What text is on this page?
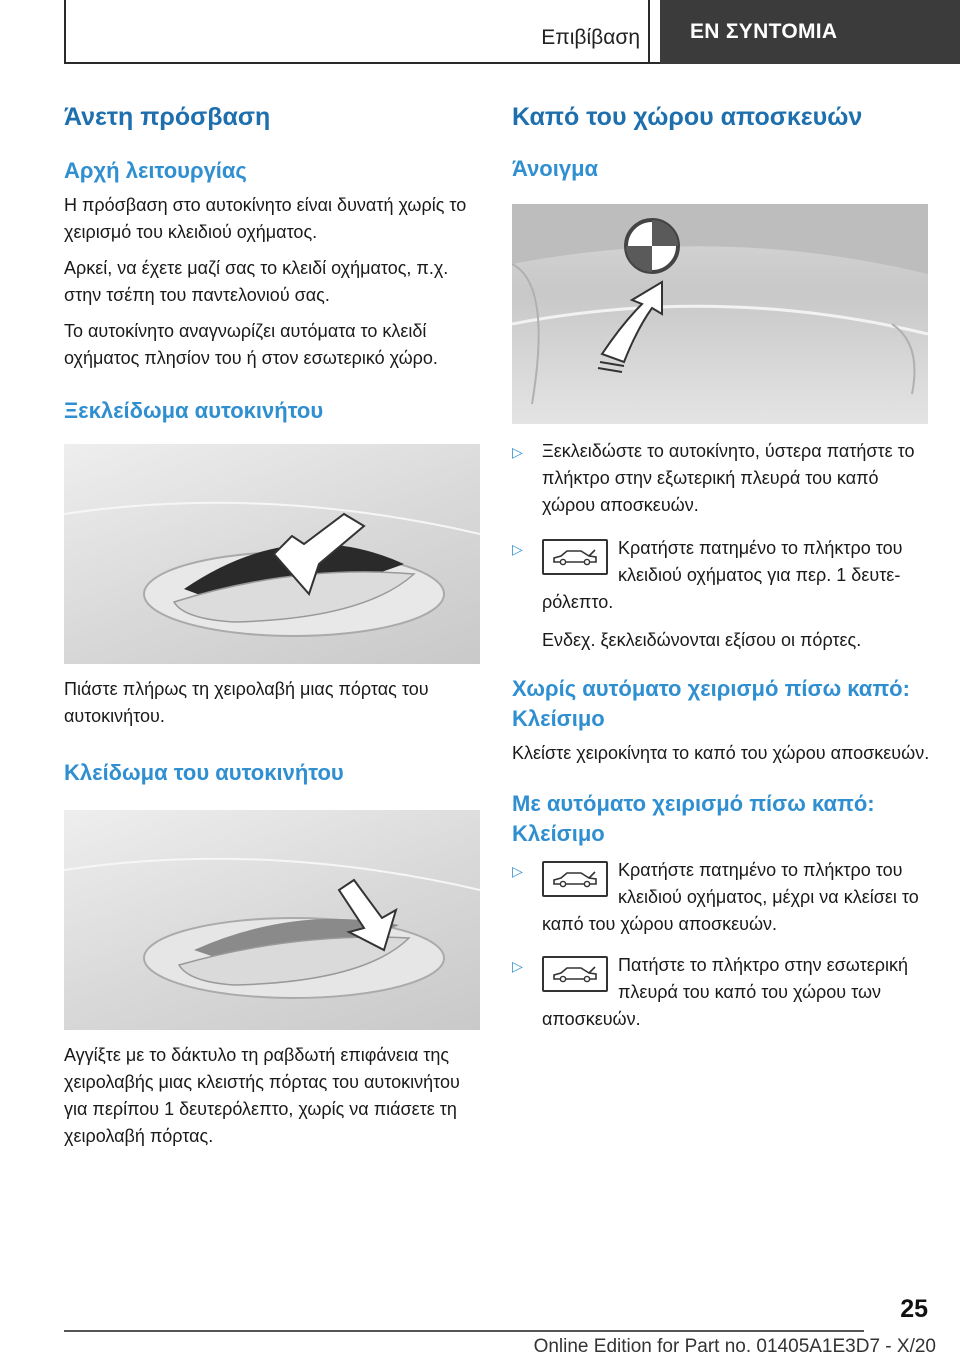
Επιβίβαση	ΕΝ ΣΥΝΤΟΜΙΑ
Άνετη πρόσβαση
Αρχή λειτουργίας

Η πρόσβαση στο αυτοκίνητο είναι δυνατή χωρίς το χειρισμό του κλειδιού οχήματος.

Αρκεί, να έχετε μαζί σας το κλειδί οχήματος, π.χ. στην τσέπη του παντελονιού σας.

Το αυτοκίνητο αναγνωρίζει αυτόματα το κλειδί οχήματος πλησίον του ή στον εσωτερικό χώρο.

Ξεκλείδωμα αυτοκινήτου

Πιάστε πλήρως τη χειρολαβή μιας πόρτας του αυτοκινήτου.

Κλείδωμα του αυτοκινήτου

Αγγίξτε με το δάκτυλο τη ραβδωτή επιφάνεια της χειρολαβής μιας κλειστής πόρτας του αυτοκινήτου για περίπου 1 δευτερόλεπτο, χωρίς να πιάσετε τη χειρολαβή πόρτας.

Καπό του χώρου αποσκευών
Άνοιγμα
▷	Ξεκλειδώστε το αυτοκίνητο, ύστερα πατήστε το πλήκτρο στην εξωτερική πλευρά του καπό χώρου αποσκευών.
▷	Κρατήστε πατημένο το πλήκτρο του κλειδιού οχήματος για περ. 1 δευτερόλεπτο.

Ενδεχ. ξεκλειδώνονται εξίσου οι πόρτες.

Χωρίς αυτόματο χειρισμό πίσω καπό: Κλείσιμο

Κλείστε χειροκίνητα το καπό του χώρου αποσκευών.

Με αυτόματο χειρισμό πίσω καπό: Κλείσιμο
▷	Κρατήστε πατημένο το πλήκτρο του κλειδιού οχήματος, μέχρι να κλείσει το καπό του χώρου αποσκευών.
▷	Πατήστε το πλήκτρο στην εσωτερική πλευρά του καπό του χώρου των αποσκευών.
25
Online Edition for Part no. 01405A1E3D7 - X/20
